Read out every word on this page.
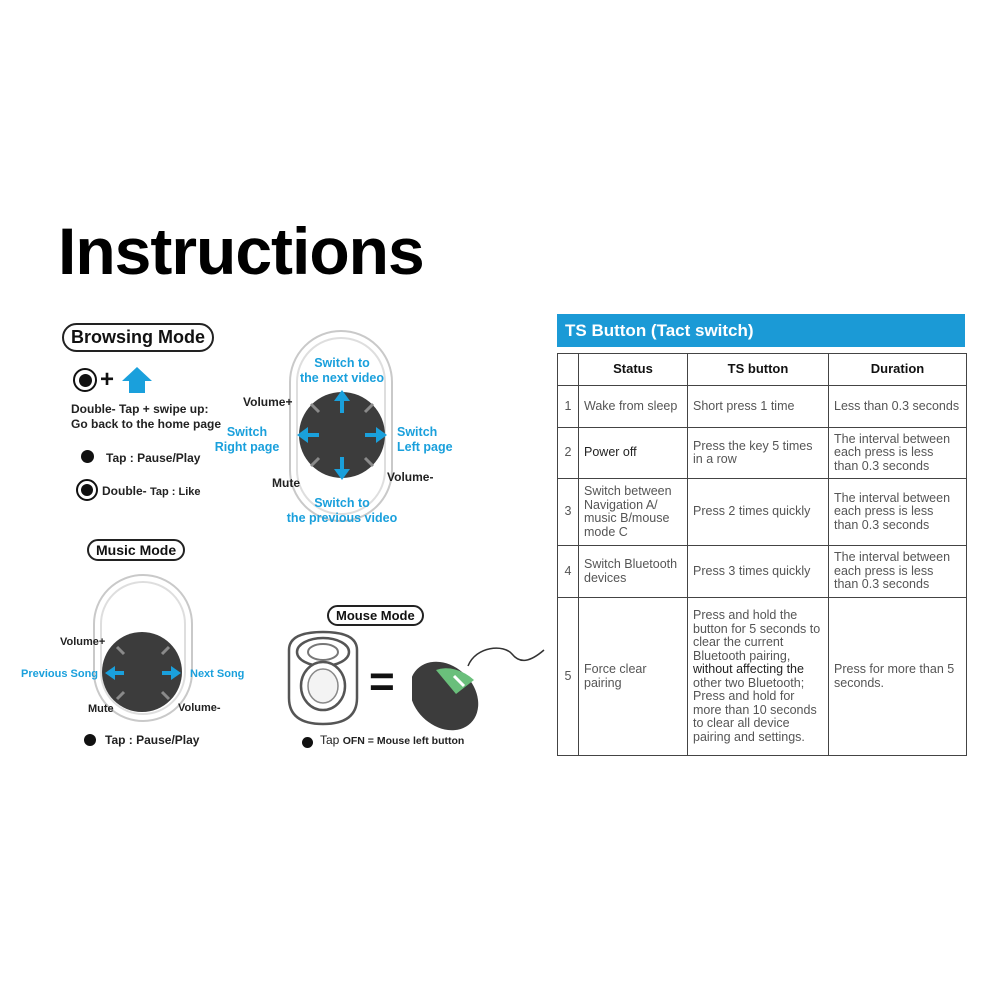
Instructions
Browsing Mode
+
Double- Tap + swipe up:
Go back to the home page
Tap : Pause/Play
Double- Tap : Like
Switch to
the next video
Switch to
the previous video
Switch
Right page
Switch
Left page
Volume+
Volume-
Mute
Music Mode
Volume+
Volume-
Mute
Previous Song	Next Song
Tap : Pause/Play
Mouse Mode
=
Tap OFN = Mouse left button
TS Button (Tact switch)
	Status	TS button	Duration
1	Wake from sleep	Short press 1 time	Less than 0.3 seconds
2	Power off	Press the key 5 times in a row	The interval between each press is less than 0.3 seconds
3	Switch between Navigation A/ music B/mouse mode C	Press 2 times quickly	The interval between each press is less than 0.3 seconds
4	Switch Bluetooth devices	Press 3 times quickly	The interval between each press is less than 0.3 seconds
5	Force clear pairing	Press and hold the button for 5 seconds to clear the current Bluetooth pairing, without affecting the other two Bluetooth; Press and hold for more than 10 seconds to clear all device pairing and settings.	Press for more than 5 seconds.
